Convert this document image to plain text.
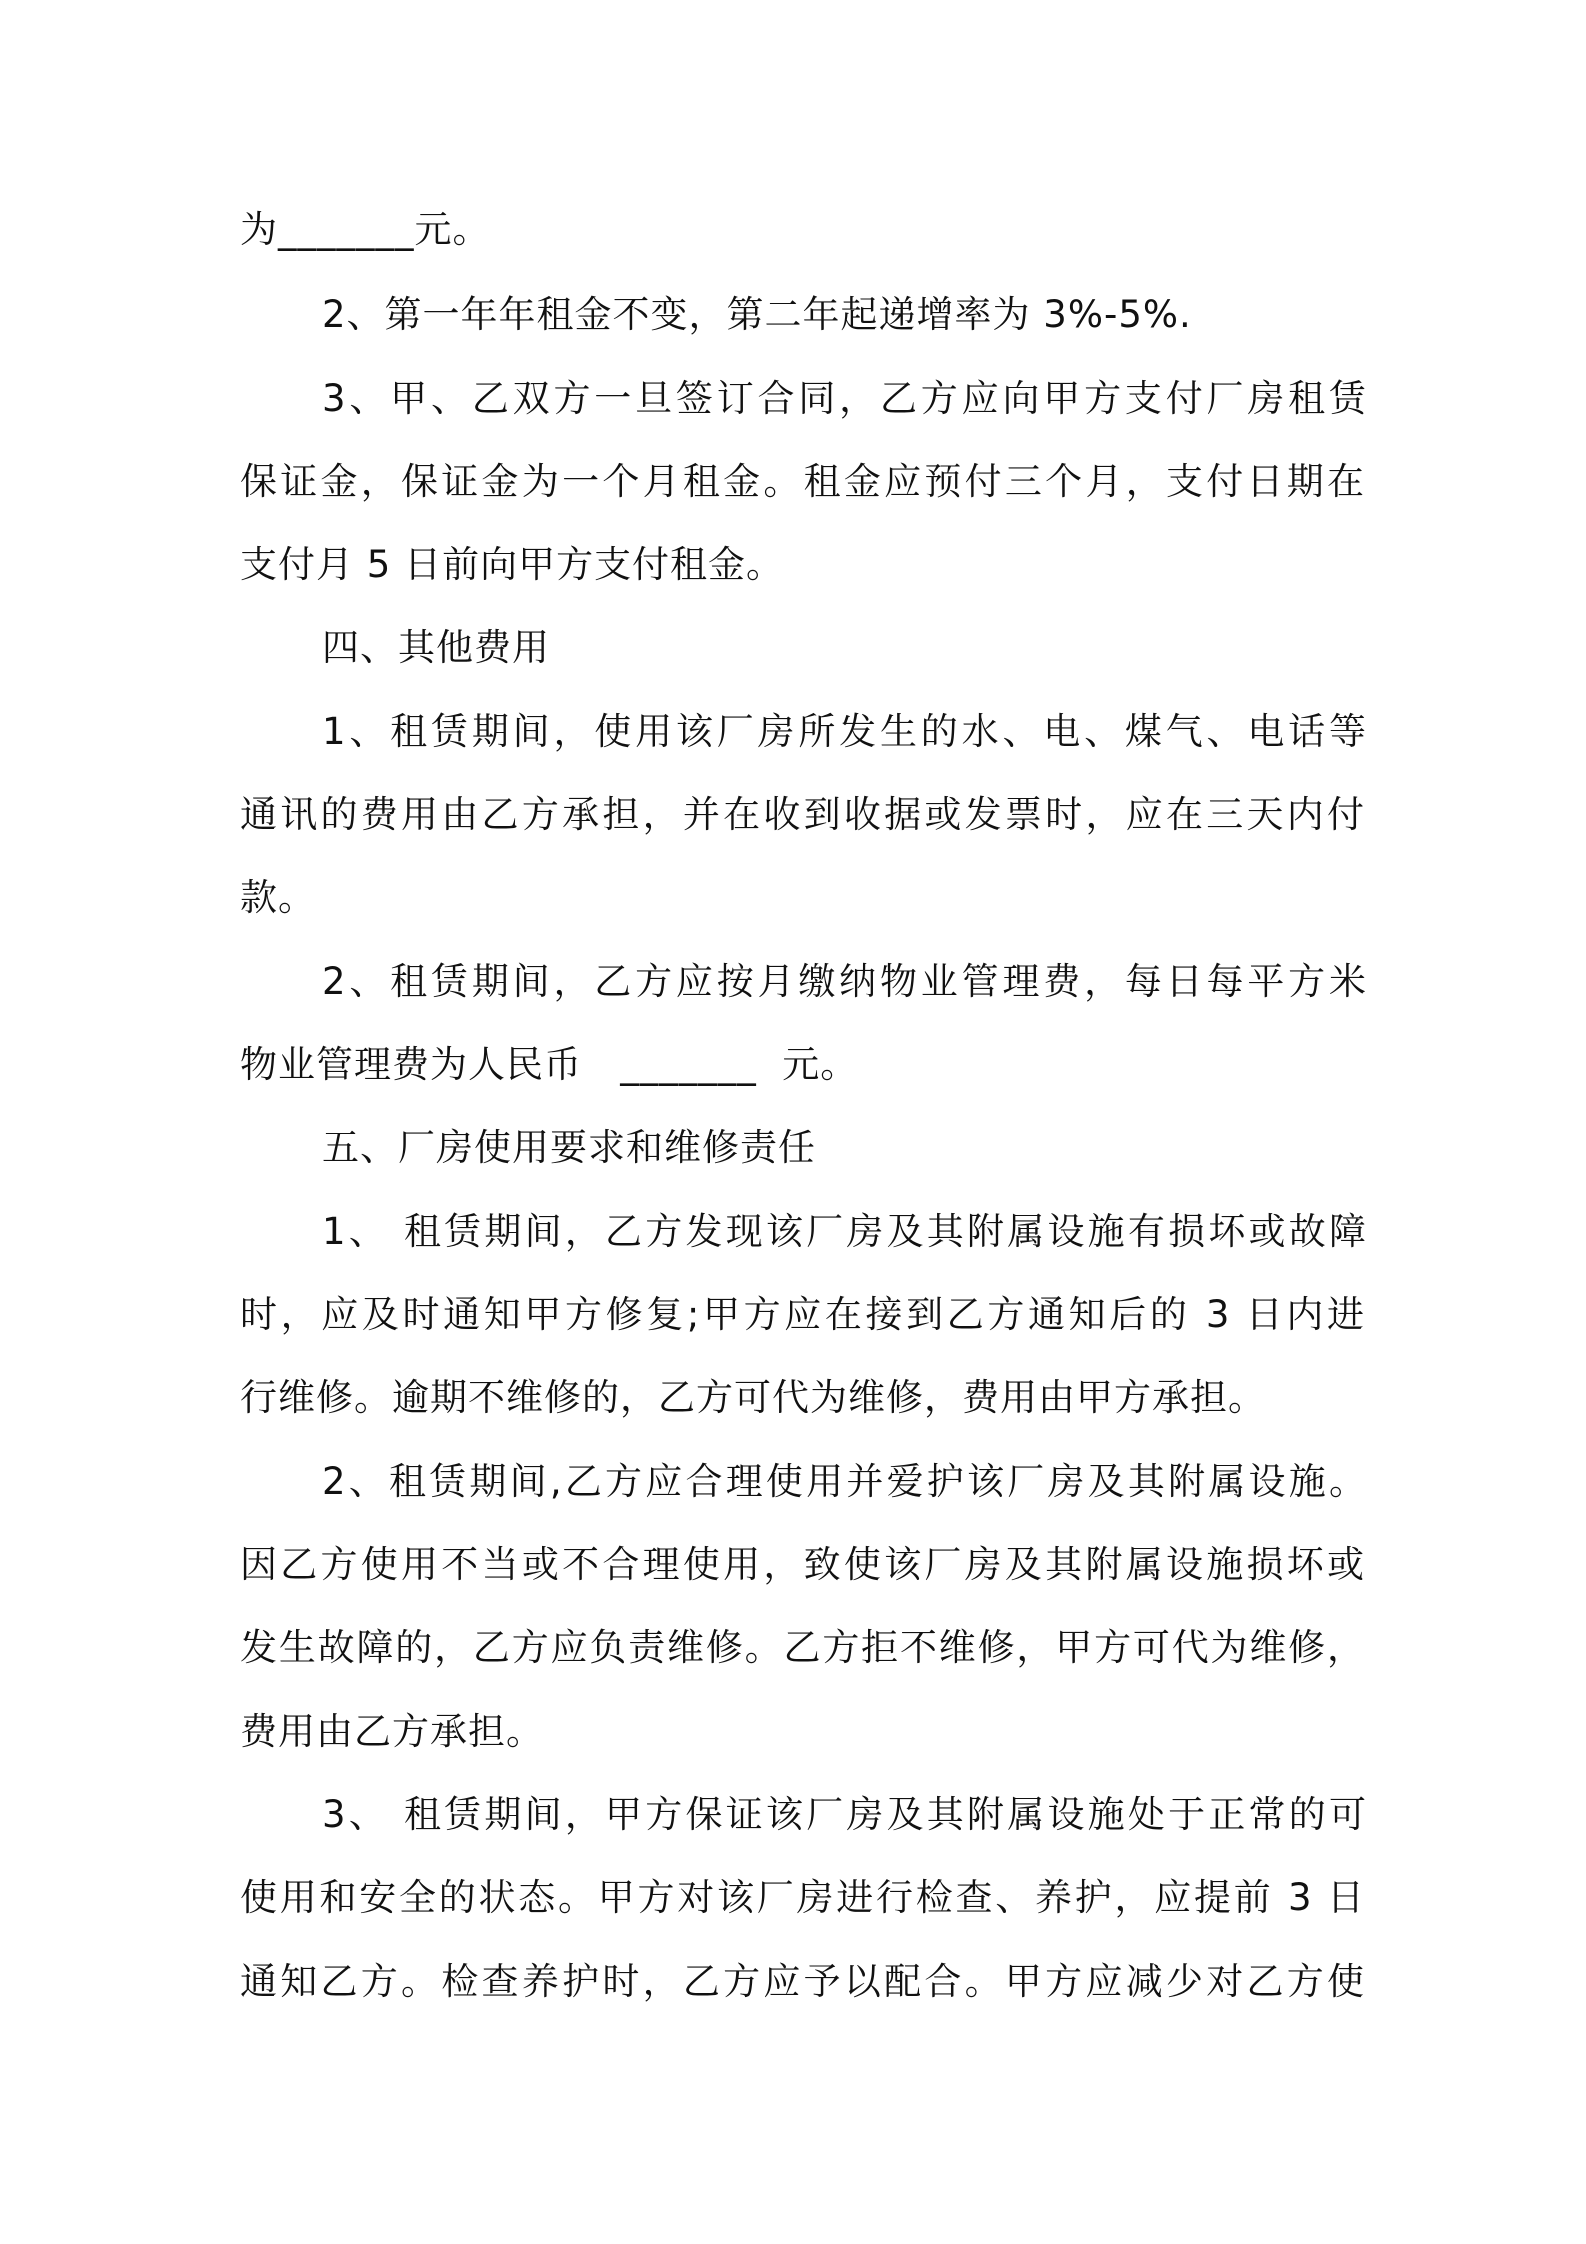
为_______元。
2、第一年年租金不变，第二年起递增率为 3%-5%.
3、甲、乙双方一旦签订合同，乙方应向甲方支付厂房租赁
保证金，保证金为一个月租金。租金应预付三个月，支付日期在
支付月 5 日前向甲方支付租金。
四、其他费用
1、租赁期间，使用该厂房所发生的水、电、煤气、电话等
通讯的费用由乙方承担，并在收到收据或发票时，应在三天内付
款。
2、租赁期间，乙方应按月缴纳物业管理费，每日每平方米
物业管理费为人民币   _______  元。
五、厂房使用要求和维修责任
1、 租赁期间，乙方发现该厂房及其附属设施有损坏或故障
时，应及时通知甲方修复;甲方应在接到乙方通知后的 3 日内进
行维修。逾期不维修的，乙方可代为维修，费用由甲方承担。
2、租赁期间,乙方应合理使用并爱护该厂房及其附属设施。
因乙方使用不当或不合理使用，致使该厂房及其附属设施损坏或
发生故障的，乙方应负责维修。乙方拒不维修，甲方可代为维修，
费用由乙方承担。
3、 租赁期间，甲方保证该厂房及其附属设施处于正常的可
使用和安全的状态。甲方对该厂房进行检查、养护，应提前 3 日
通知乙方。检查养护时，乙方应予以配合。甲方应减少对乙方使
